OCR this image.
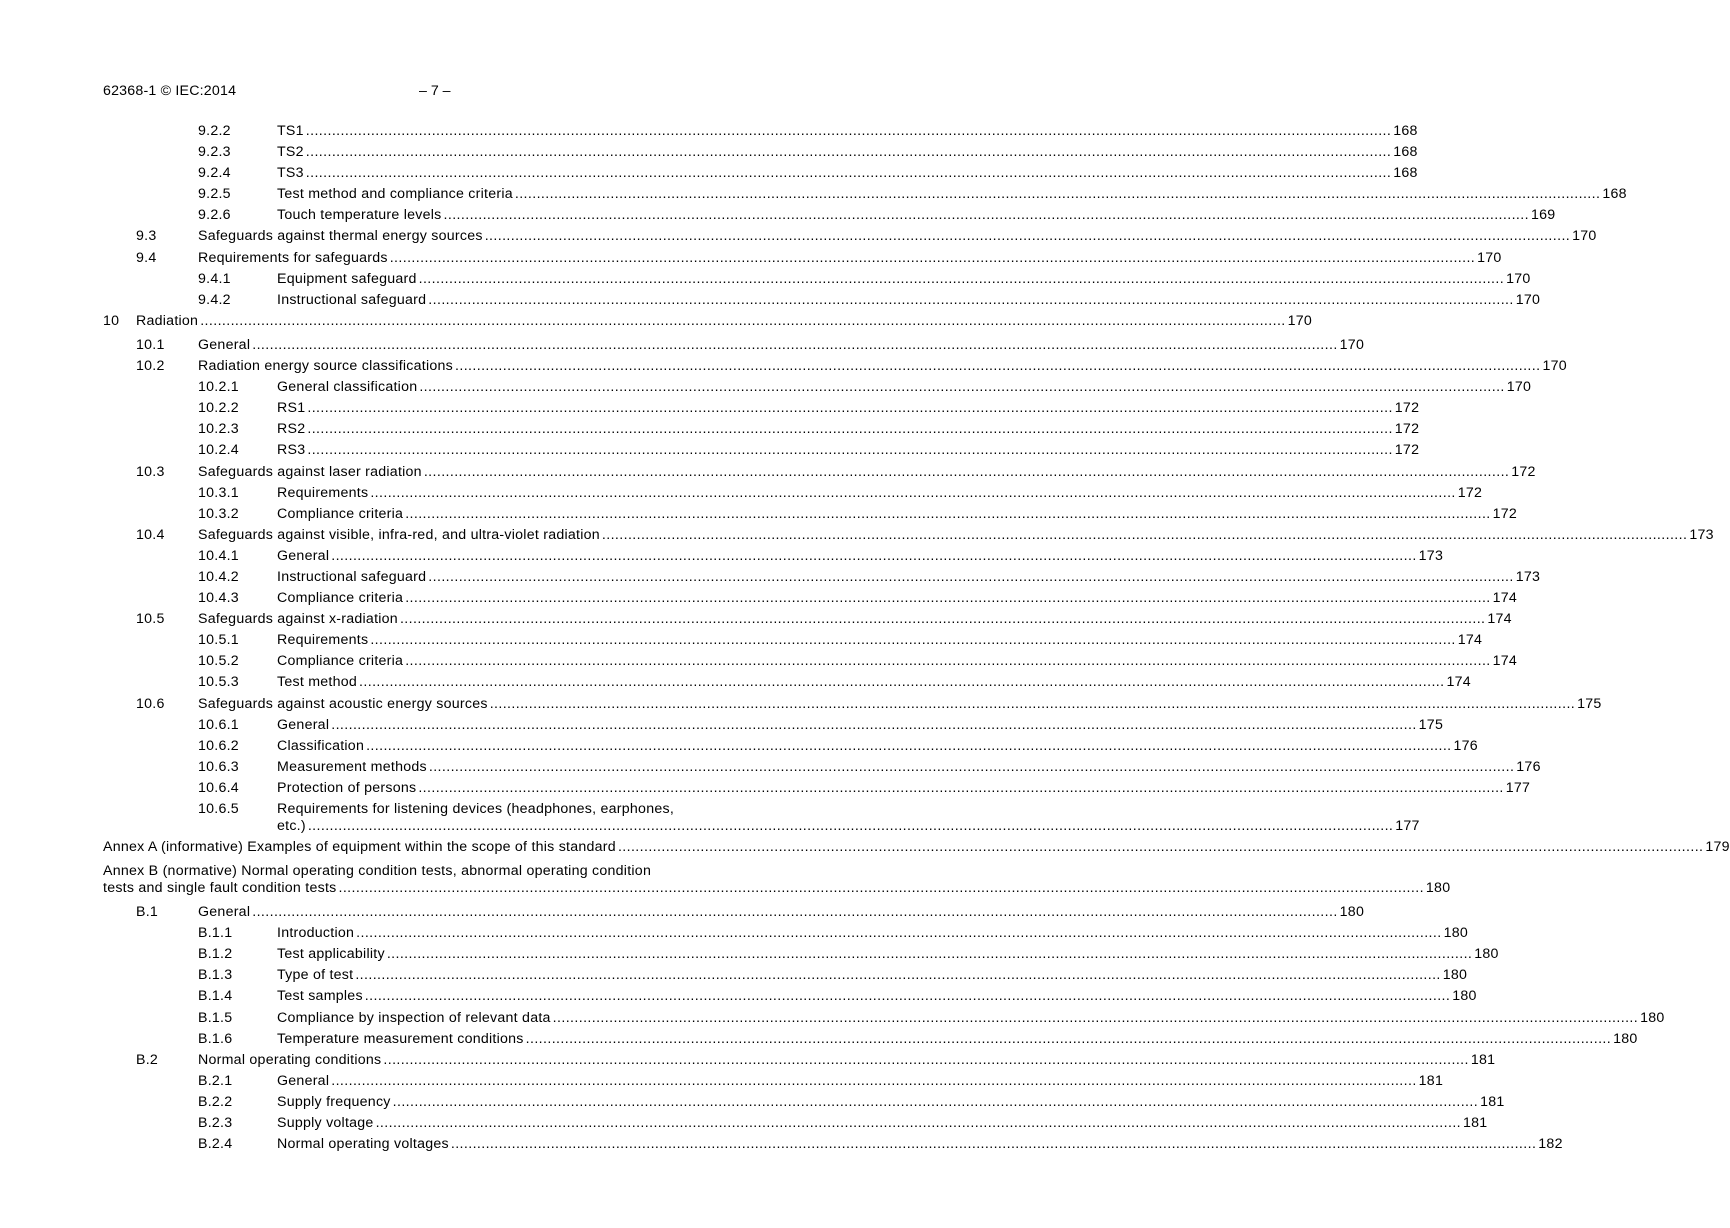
62368-1 © IEC:2014	– 7 –
9.2.2	TS1 .....	168
9.2.3	TS2 .....	168
9.2.4	TS3 .....	168
9.2.5	Test method and compliance criteria .....	168
9.2.6	Touch temperature levels .....	169
9.3	Safeguards against thermal energy sources .....	170
9.4	Requirements for safeguards .....	170
9.4.1	Equipment safeguard .....	170
9.4.2	Instructional safeguard .....	170
10 Radiation .....	170
10.1 General .....	170
10.2 Radiation energy source classifications .....	170
10.2.1	General classification .....	170
10.2.2	RS1 .....	172
10.2.3	RS2 .....	172
10.2.4	RS3 .....	172
10.3 Safeguards against laser radiation .....	172
10.3.1	Requirements .....	172
10.3.2	Compliance criteria .....	172
10.4 Safeguards against visible, infra-red, and ultra-violet radiation .....	173
10.4.1	General .....	173
10.4.2	Instructional safeguard .....	173
10.4.3	Compliance criteria .....	174
10.5 Safeguards against x-radiation .....	174
10.5.1	Requirements .....	174
10.5.2	Compliance criteria .....	174
10.5.3	Test method .....	174
10.6 Safeguards against acoustic energy sources .....	175
10.6.1	General .....	175
10.6.2	Classification .....	176
10.6.3	Measurement methods .....	176
10.6.4	Protection of persons .....	177
10.6.5	Requirements for listening devices (headphones, earphones,
etc.) .....	177
Annex A (informative) Examples of equipment within the scope of this standard .....	179
Annex B (normative) Normal operating condition tests, abnormal operating condition
tests and single fault condition tests .....	180
B.1	General .....	180
B.1.1	Introduction .....	180
B.1.2	Test applicability .....	180
B.1.3	Type of test .....	180
B.1.4	Test samples .....	180
B.1.5	Compliance by inspection of relevant data .....	180
B.1.6	Temperature measurement conditions .....	180
B.2	Normal operating conditions .....	181
B.2.1	General .....	181
B.2.2	Supply frequency .....	181
B.2.3	Supply voltage .....	181
B.2.4	Normal operating voltages .....	182
